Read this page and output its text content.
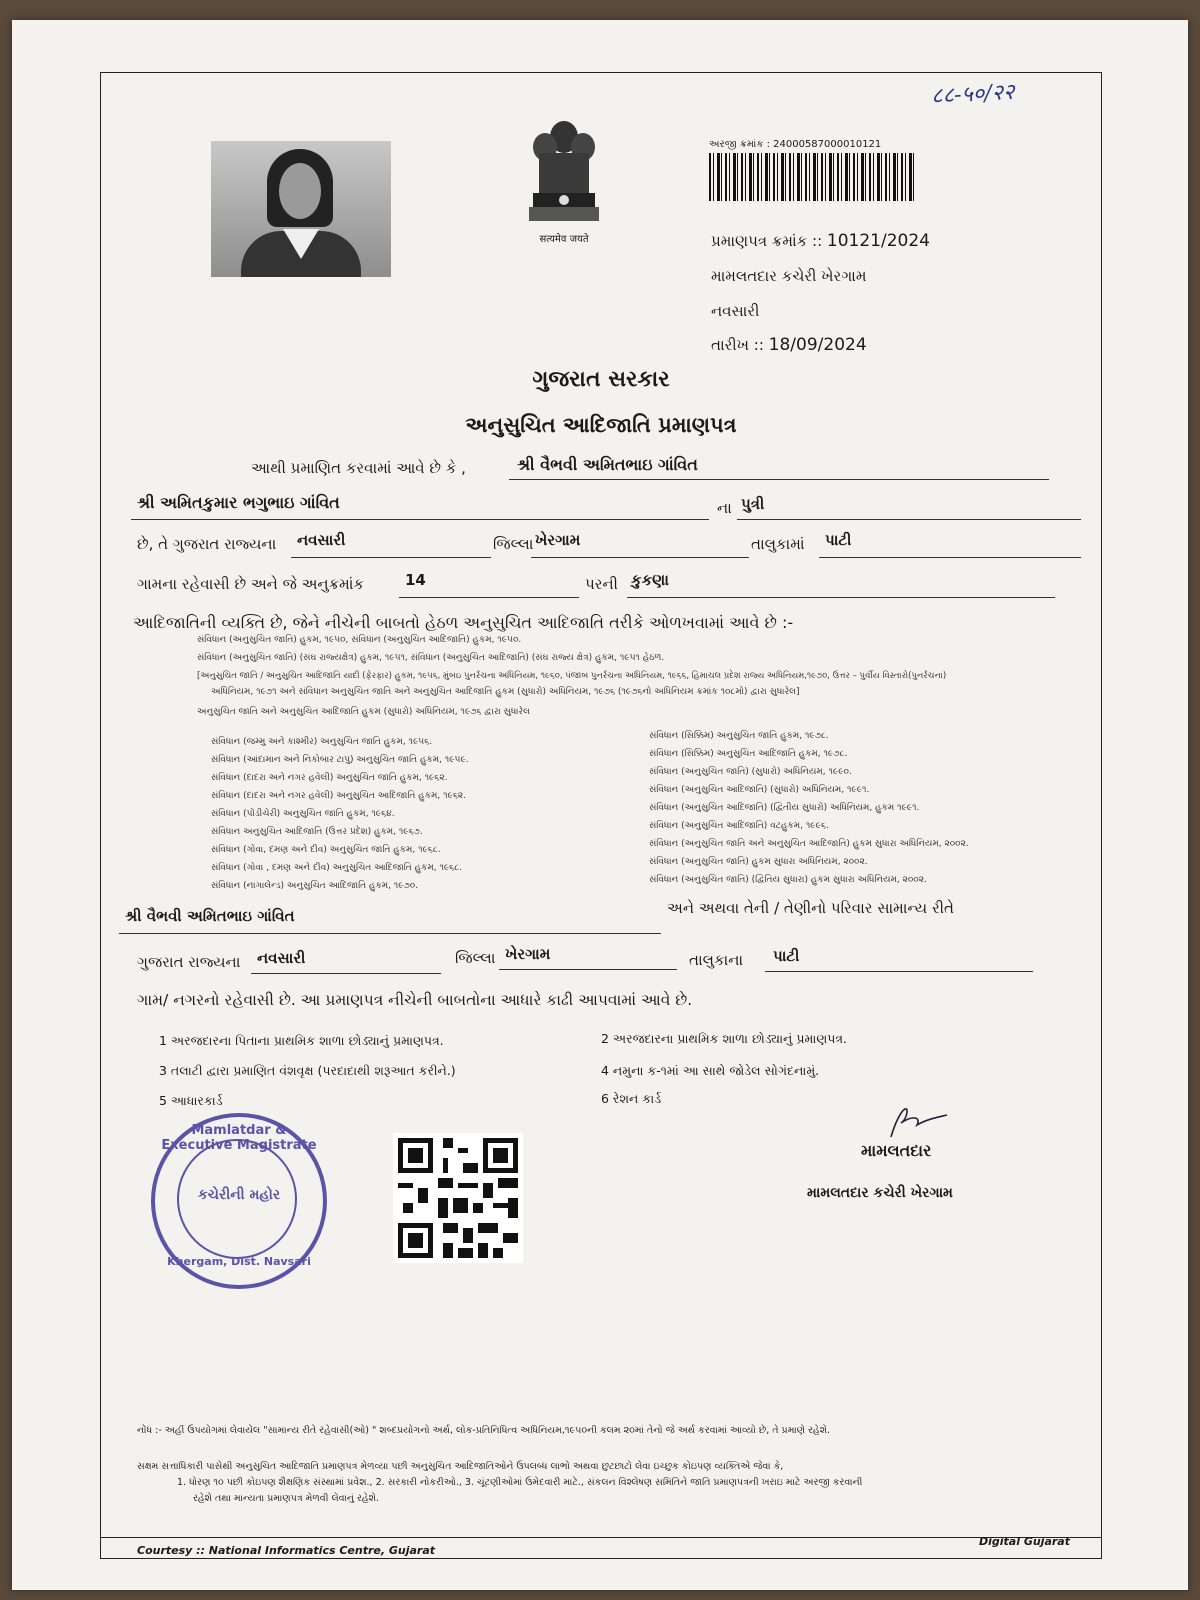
८८-५०/२२
सत्यमेव जयते
અરજી ક્રમાંક : 24000587000010121
પ્રમાણપત્ર ક્રમાંક :: 10121/2024
મામલતદાર કચેરી ખેરગામ
નવસારી
તારીખ :: 18/09/2024
ગુજરાત સરકાર
અનુસુચિત આદિજાતિ પ્રમાણપત્ર
આથી પ્રમાણિત કરવામાં આવે છે કે ,	શ્રી વૈભવી અમિતભાઇ ગાંવિત
શ્રી અમિતકુમાર ભગુભાઇ ગાંવિત	ના પુત્રી
છે, તે ગુજરાત રાજ્યના નવસારી	જિલ્લા ખેરગામ	તાલુકામાં પાટી
ગામના રહેવાસી છે અને જે અનુક્રમાંક	14	પરની કુકણા
આદિજાતિની વ્યક્તિ છે, જેને નીચેની બાબતો હેઠળ અનુસુચિત આદિજાતિ તરીકે ઓળખવામાં આવે છે :-
સંવિધાન (અનુસુચિત જાતિ) હુકમ, ૧૯૫૦, સંવિધાન (અનુસુચિત આદિજાતિ) હુકમ, ૧૯૫૦.
સંવિધાન (અનુસુચિત જાતિ) (સંઘ રાજ્યક્ષેત્ર) હુકમ, ૧૯૫૧, સંવિધાન (અનુસુચિત આદિજાતિ) (સંઘ રાજ્ય ક્ષેત્ર) હુકમ, ૧૯૫૧ હેઠળ.
[અનુસુચિત જાતિ / અનુસુચિત આદિજાતિ યાદી (ફેરફાર) હુકમ, ૧૯૫૬, મુંબઇ પુનર્રચના અધિનિયમ, ૧૯૬૦, પંજાબ પુનર્રચના અધિનિયમ, ૧૯૬૬, હિમાચલ પ્રદેશ રાજ્ય અધિનિયમ,૧૯૭૦, ઉત્તર – પુર્વીય વિસ્તારો(પુનર્રચના)
અધિનિયમ, ૧૯૭૧ અને સંવિધાન અનુસુચિત જાતિ અને અનુસુચિત આદિજાતિ હુકમ (સુધારો) અધિનિયમ, ૧૯૭૬ (૧૯૭૬નો અધિનિયમ ક્રમાંક ૧૦૮મો) દ્વારા સુધારેલ]
અનુસુચિત જાતિ અને અનુસુચિત આદિજાતિ હુકમ (સુધારો) અધિનિયમ, ૧૯૭૬ દ્વારા સુધારેલ
સંવિધાન (જમ્મુ અને કાશ્મીર) અનુસુચિત જાતિ હુકમ, ૧૯૫૬.
સંવિધાન (આંદામાન અને નિકોબાર ટાપુ) અનુસુચિત જાતિ હુકમ, ૧૯૫૯.
સંવિધાન (દાદરા અને નગર હવેલી) અનુસુચિત જાતિ હુકમ, ૧૯૬૨.
સંવિધાન (દાદરા અને નગર હવેલી) અનુસુચિત આદિજાતિ હુકમ, ૧૯૬૨.
સંવિધાન (પોંડીચેરી) અનુસુચિત જાતિ હુકમ, ૧૯૬૪.
સંવિધાન અનુસુચિત આદિજાતિ (ઉત્તર પ્રદેશ) હુકમ, ૧૯૬૭.
સંવિધાન (ગોવા, દમણ અને દીવ) અનુસુચિત જાતિ હુકમ, ૧૯૬૮.
સંવિધાન (ગોવા , દમણ અને દીવ) અનુસુચિત આદિજાતિ હુકમ, ૧૯૬૮.
સંવિધાન (નાગાલેન્ડ) અનુસુચિત આદિજાતિ હુકમ, ૧૯૭૦.
સંવિધાન (સિક્કિમ) અનુસુચિત જાતિ હુકમ, ૧૯૭૮.
સંવિધાન (સિક્કિમ) અનુસુચિત આદિજાતિ હુકમ, ૧૯૭૮.
સંવિધાન (અનુસુચિત જાતિ) (સુધારો) અધિનિયમ, ૧૯૯૦.
સંવિધાન (અનુસુચિત આદિજાતિ) (સુધારો) અધિનિયમ, ૧૯૯૧.
સંવિધાન (અનુસુચિત આદિજાતિ) (દ્વિતીય સુધારો) અધિનિયમ, હુકમ ૧૯૯૧.
સંવિધાન (અનુસુચિત આદિજાતિ) વટહુકમ, ૧૯૯૬.
સંવિધાન (અનુસુચિત જાતિ અને અનુસુચિત આદિજાતિ) હુકમ સુધારા અધિનિયમ, ૨૦૦૨.
સંવિધાન (અનુસુચિત જાતિ) હુકમ સુધારા અધિનિયમ, ૨૦૦૨.
સંવિધાન (અનુસુચિત જાતિ) (દ્વિતિય સુધારા) હુકમ સુધારા અધિનિયમ, ૨૦૦૨.
શ્રી વૈભવી અમિતભાઇ ગાંવિત	અને અથવા તેની / તેણીનો પરિવાર સામાન્ય રીતે
ગુજરાત રાજ્યના નવસારી	જિલ્લા ખેરગામ	તાલુકાના પાટી
ગામ/ નગરનો રહેવાસી છે. આ પ્રમાણપત્ર નીચેની બાબતોના આધારે કાઢી આપવામાં આવે છે.
1 અરજદારના પિતાના પ્રાથમિક શાળા છોડ્યાનું પ્રમાણપત્ર.	2 અરજદારના પ્રાથમિક શાળા છોડ્યાનું પ્રમાણપત્ર.
3 તલાટી દ્વારા પ્રમાણિત વંશવૃક્ષ (પરદાદાથી શરૂઆત કરીને.)	4 નમુના ક-૧માં આ સાથે જોડેલ સોગંદનામું.
5 આધારકાર્ડ	6 રેશન કાર્ડ
Mamlatdar & Executive Magistrate
કચેરીની મહોર
Khergam, Dist. Navsari
મામલતદાર
મામલતદાર કચેરી ખેરગામ
નોંધ :- અહીં ઉપયોગમાં લેવાયેલ "સામાન્ય રીતે રહેવાસી(ઓ) " શબ્દપ્રયોગનો અર્થ, લોક-પ્રતિનિધિત્વ અધિનિયમ,૧૯૫૦ની કલમ ૨૦માં તેનો જે અર્થ કરવામાં આવ્યો છે, તે પ્રમાણે રહેશે.
સક્ષમ સત્તાધિકારી પાસેથી અનુસુચિત આદિજાતિ પ્રમાણપત્ર મેળવ્યા પછી અનુસુચિત આદિજાતિઓને ઉપલબ્ધ લાભો અથવા છુટછાટો લેવા ઇચ્છુક કોઇપણ વ્યક્તિએ જેવા કે,
1. ધોરણ ૧૦ પછી કોઇપણ શૈક્ષણિક સંસ્થામાં પ્રવેશ., 2. સરકારી નોકરીઓ., 3. ચૂંટણીઓમાં ઉમેદવારી માટે., સંકલન વિશ્લેષણ સમિતિને જાતિ પ્રમાણપત્રની ખરાઇ માટે અરજી કરવાની
રહેશે તથા માન્યતા પ્રમાણપત્ર મેળવી લેવાનું રહેશે.
Courtesy :: National Informatics Centre, Gujarat
Digital Gujarat
